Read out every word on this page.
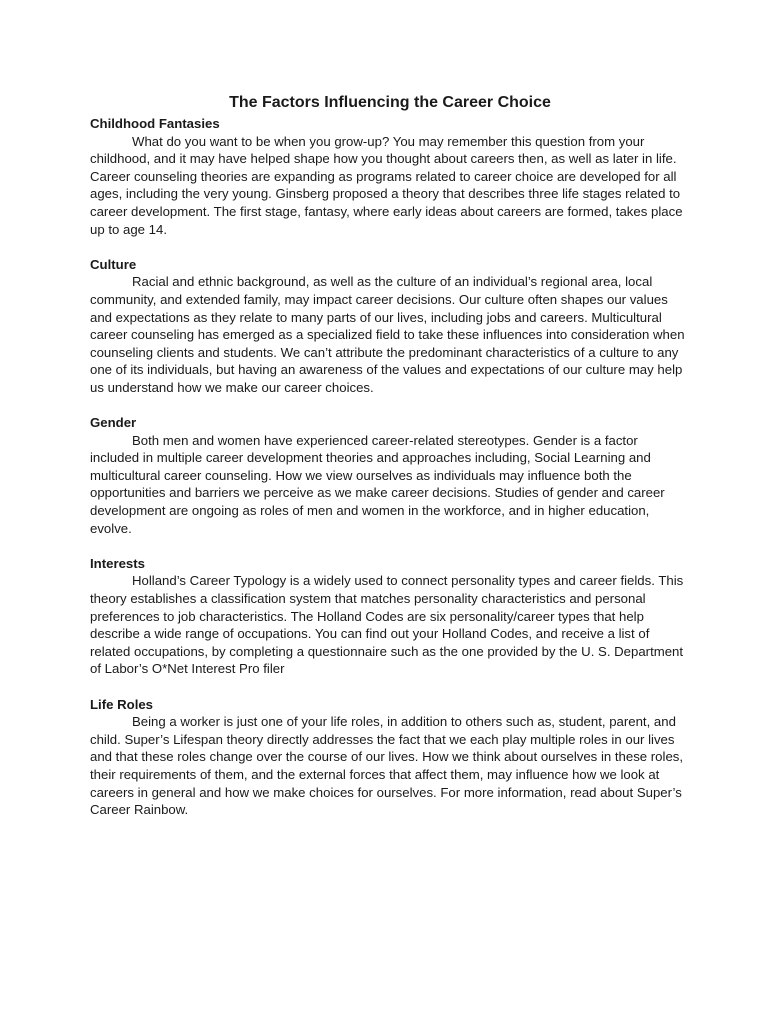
The Factors Influencing the Career Choice
Childhood Fantasies

What do you want to be when you grow-up? You may remember this question from your childhood, and it may have helped shape how you thought about careers then, as well as later in life. Career counseling theories are expanding as programs related to career choice are developed for all ages, including the very young. Ginsberg proposed a theory that describes three life stages related to career development. The first stage, fantasy, where early ideas about careers are formed, takes place up to age 14.

Culture

Racial and ethnic background, as well as the culture of an individual’s regional area, local community, and extended family, may impact career decisions. Our culture often shapes our values and expectations as they relate to many parts of our lives, including jobs and careers. Multicultural career counseling has emerged as a specialized field to take these influences into consideration when counseling clients and students. We can’t attribute the predominant characteristics of a culture to any one of its individuals, but having an awareness of the values and expectations of our culture may help us understand how we make our career choices.

Gender

Both men and women have experienced career-related stereotypes. Gender is a factor included in multiple career development theories and approaches including, Social Learning and multicultural career counseling. How we view ourselves as individuals may influence both the opportunities and barriers we perceive as we make career decisions. Studies of gender and career development are ongoing as roles of men and women in the workforce, and in higher education, evolve.

Interests

Holland’s Career Typology is a widely used to connect personality types and career fields. This theory establishes a classification system that matches personality characteristics and personal preferences to job characteristics. The Holland Codes are six personality/career types that help describe a wide range of occupations. You can find out your Holland Codes, and receive a list of related occupations, by completing a questionnaire such as the one provided by the U. S. Department of Labor’s O*Net Interest Pro filer

Life Roles

Being a worker is just one of your life roles, in addition to others such as, student, parent, and child. Super’s Lifespan theory directly addresses the fact that we each play multiple roles in our lives and that these roles change over the course of our lives. How we think about ourselves in these roles, their requirements of them, and the external forces that affect them, may influence how we look at careers in general and how we make choices for ourselves. For more information, read about Super’s Career Rainbow.
